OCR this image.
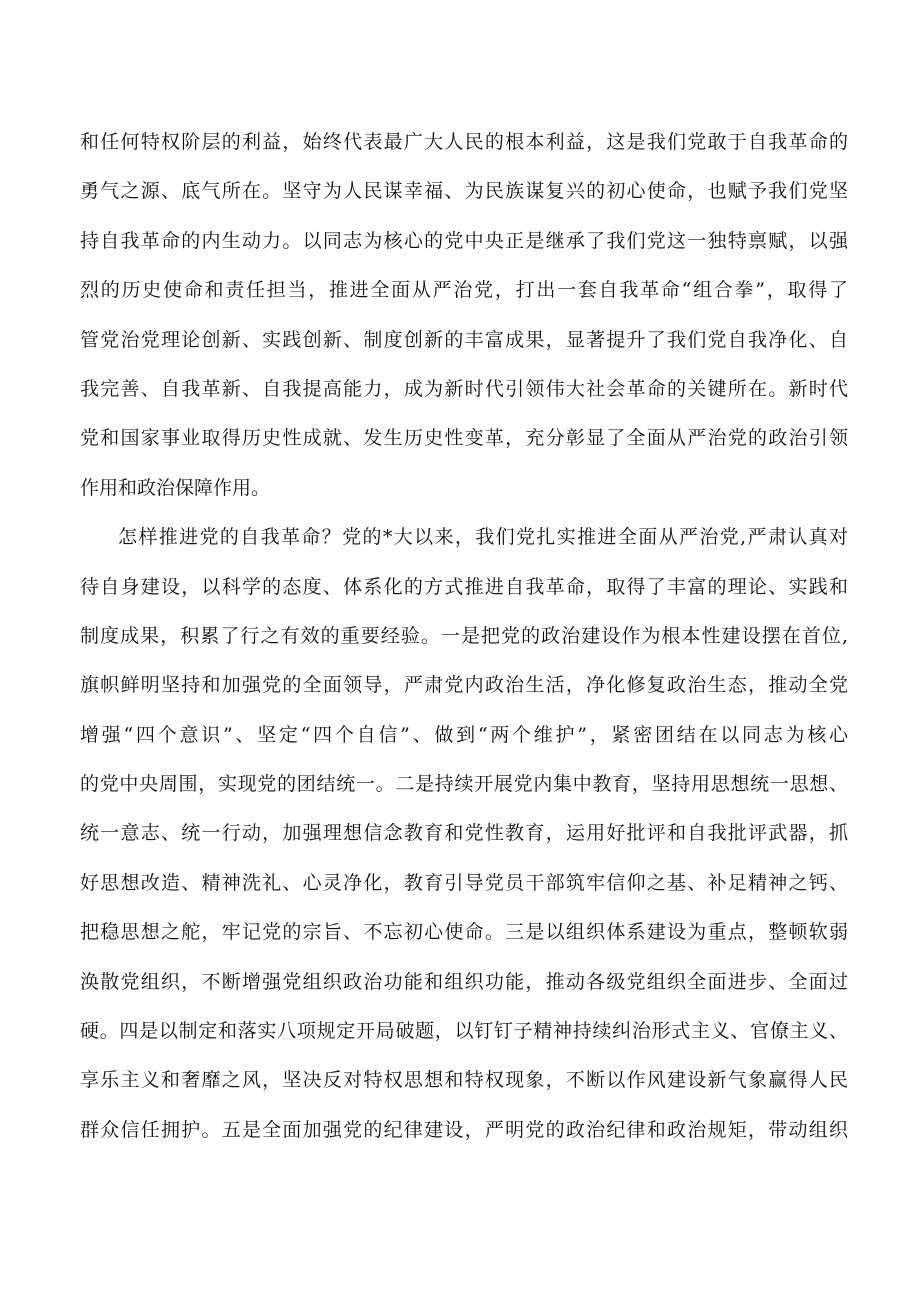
和任何特权阶层的利益，始终代表最广大人民的根本利益，这是我们党敢于自我革命的
勇气之源、底气所在。坚守为人民谋幸福、为民族谋复兴的初心使命，也赋予我们党坚
持自我革命的内生动力。以同志为核心的党中央正是继承了我们党这一独特禀赋，以强
烈的历史使命和责任担当，推进全面从严治党，打出一套自我革命“组合拳”，取得了
管党治党理论创新、实践创新、制度创新的丰富成果，显著提升了我们党自我净化、自
我完善、自我革新、自我提高能力，成为新时代引领伟大社会革命的关键所在。新时代
党和国家事业取得历史性成就、发生历史性变革，充分彰显了全面从严治党的政治引领
作用和政治保障作用。
怎样推进党的自我革命？党的*大以来，我们党扎实推进全面从严治党,严肃认真对
待自身建设，以科学的态度、体系化的方式推进自我革命，取得了丰富的理论、实践和
制度成果，积累了行之有效的重要经验。一是把党的政治建设作为根本性建设摆在首位,
旗帜鲜明坚持和加强党的全面领导，严肃党内政治生活，净化修复政治生态，推动全党
增强“四个意识”、坚定“四个自信”、做到“两个维护”，紧密团结在以同志为核心
的党中央周围，实现党的团结统一。二是持续开展党内集中教育，坚持用思想统一思想、
统一意志、统一行动，加强理想信念教育和党性教育，运用好批评和自我批评武器，抓
好思想改造、精神洗礼、心灵净化，教育引导党员干部筑牢信仰之基、补足精神之钙、
把稳思想之舵，牢记党的宗旨、不忘初心使命。三是以组织体系建设为重点，整顿软弱
涣散党组织，不断增强党组织政治功能和组织功能，推动各级党组织全面进步、全面过
硬。四是以制定和落实八项规定开局破题，以钉钉子精神持续纠治形式主义、官僚主义、
享乐主义和奢靡之风，坚决反对特权思想和特权现象，不断以作风建设新气象赢得人民
群众信任拥护。五是全面加强党的纪律建设，严明党的政治纪律和政治规矩，带动组织
